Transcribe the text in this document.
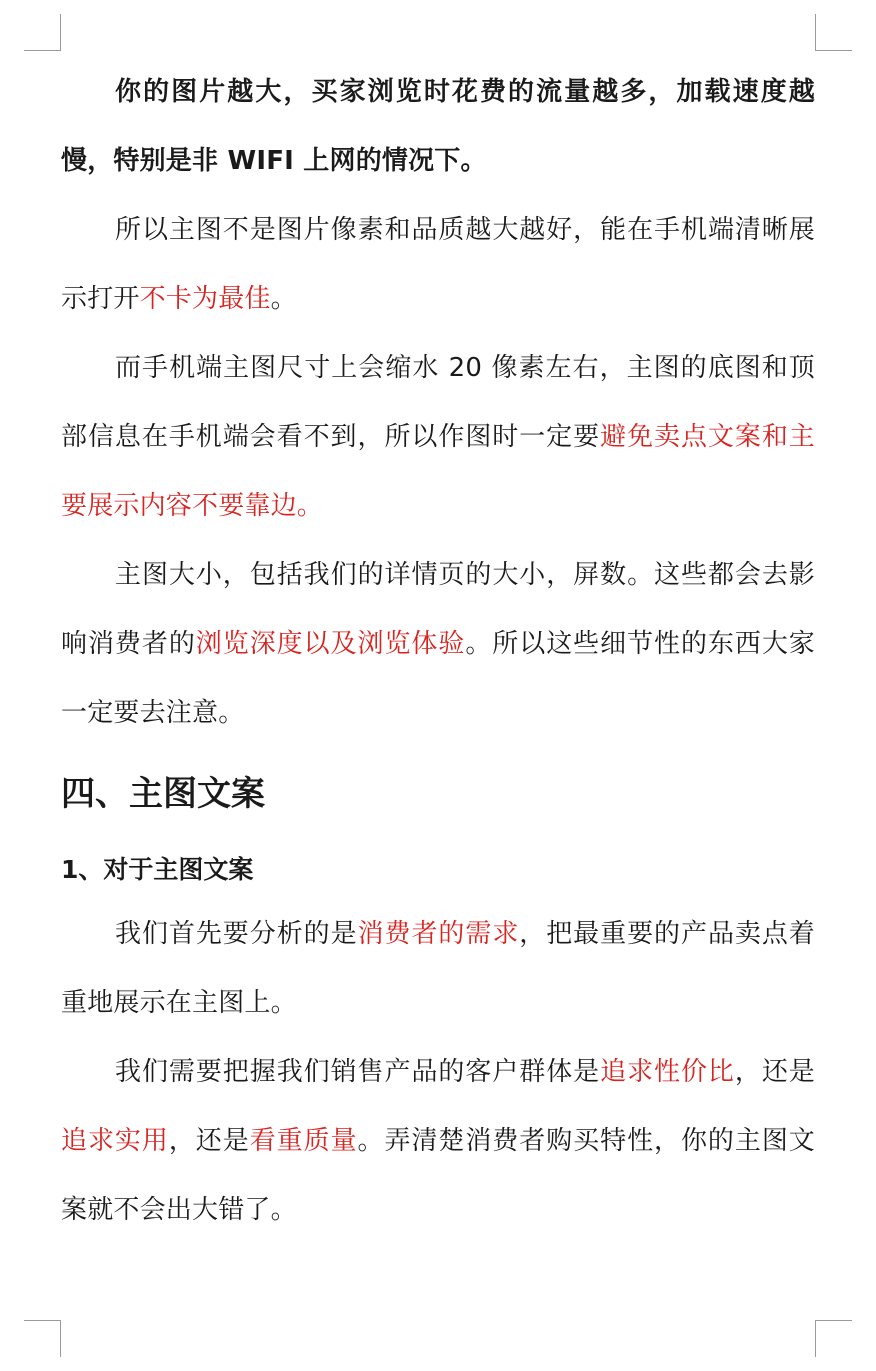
你的图片越大，买家浏览时花费的流量越多，加载速度越慢，特别是非 WIFI 上网的情况下。

所以主图不是图片像素和品质越大越好，能在手机端清晰展示打开不卡为最佳。

而手机端主图尺寸上会缩水 20 像素左右，主图的底图和顶部信息在手机端会看不到，所以作图时一定要避免卖点文案和主要展示内容不要靠边。

主图大小，包括我们的详情页的大小，屏数。这些都会去影响消费者的浏览深度以及浏览体验。所以这些细节性的东西大家一定要去注意。

四、主图文案
1、对于主图文案

我们首先要分析的是消费者的需求，把最重要的产品卖点着重地展示在主图上。

我们需要把握我们销售产品的客户群体是追求性价比，还是追求实用，还是看重质量。弄清楚消费者购买特性，你的主图文案就不会出大错了。
